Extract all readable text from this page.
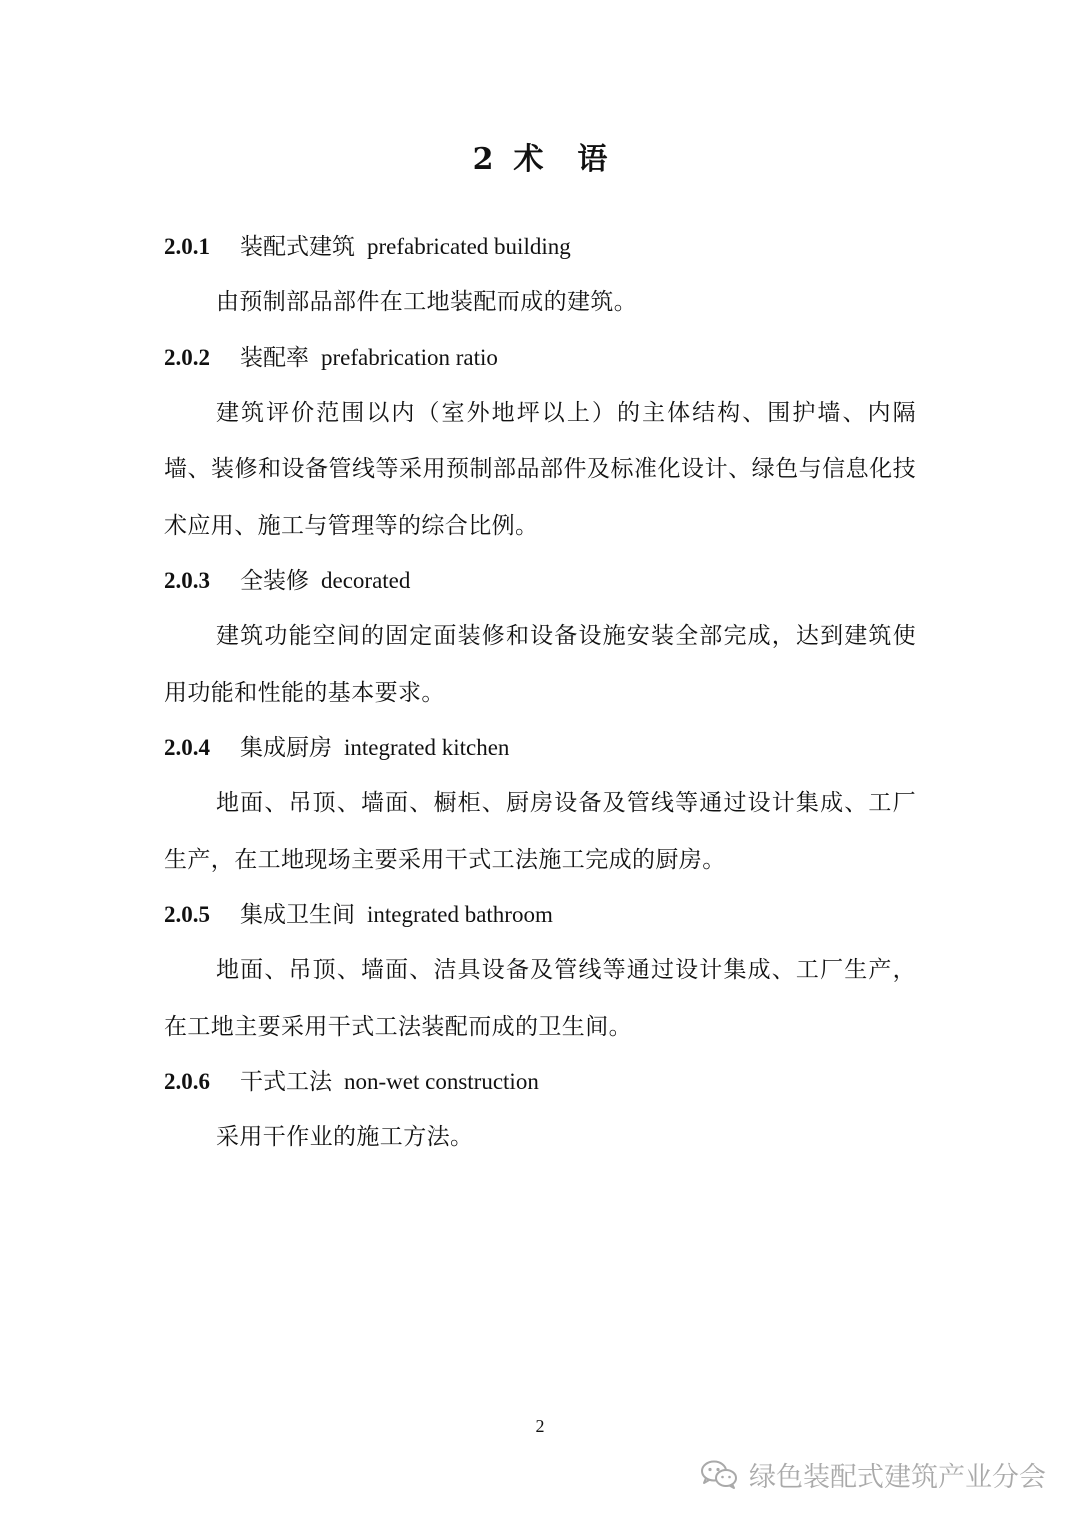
2 术语
2.0.1 装配式建筑 prefabricated building

由预制部品部件在工地装配而成的建筑。

2.0.2 装配率 prefabrication ratio

建筑评价范围以内（室外地坪以上）的主体结构、围护墙、内隔墙、装修和设备管线等采用预制部品部件及标准化设计、绿色与信息化技术应用、施工与管理等的综合比例。

2.0.3 全装修 decorated

建筑功能空间的固定面装修和设备设施安装全部完成，达到建筑使用功能和性能的基本要求。

2.0.4 集成厨房 integrated kitchen

地面、吊顶、墙面、橱柜、厨房设备及管线等通过设计集成、工厂生产，在工地现场主要采用干式工法施工完成的厨房。

2.0.5 集成卫生间 integrated bathroom

地面、吊顶、墙面、洁具设备及管线等通过设计集成、工厂生产，在工地主要采用干式工法装配而成的卫生间。

2.0.6 干式工法 non-wet construction

采用干作业的施工方法。

2
绿色装配式建筑产业分会
